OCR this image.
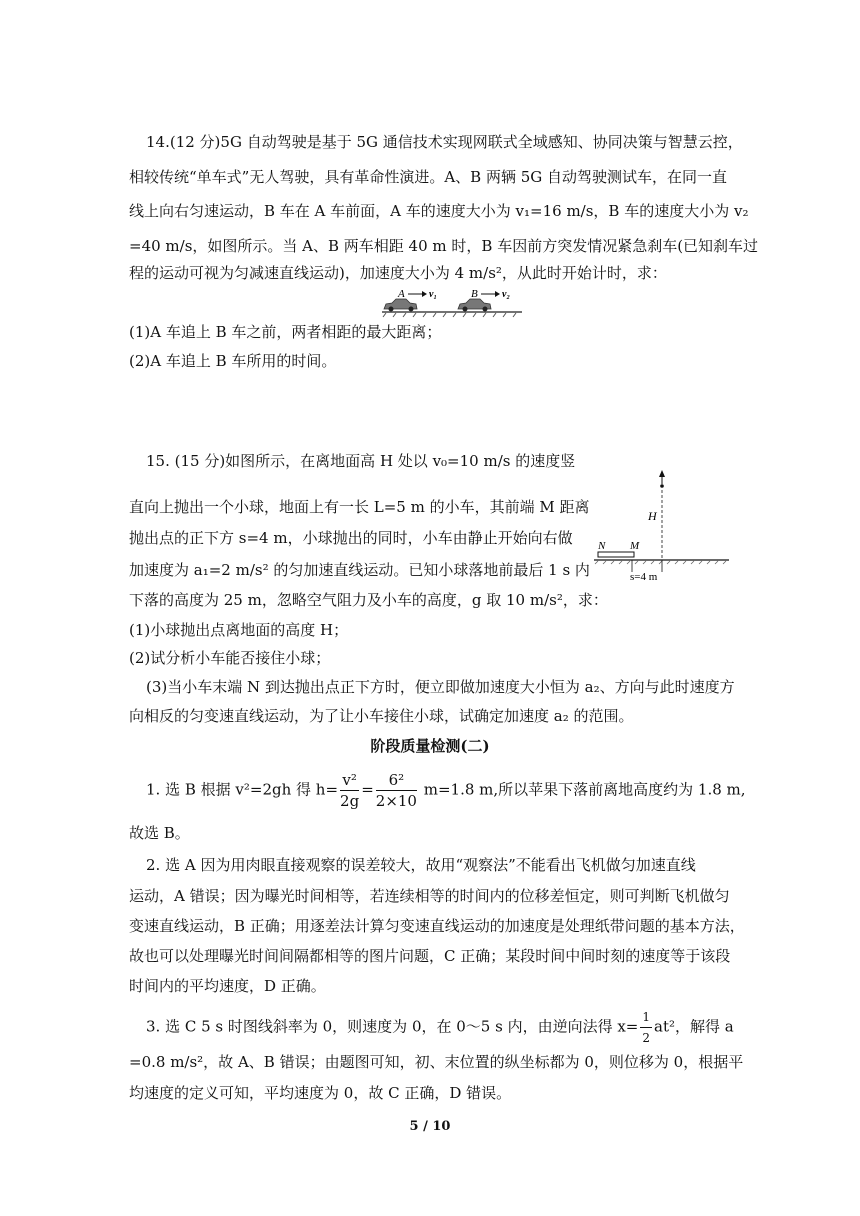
14.(12 分)5G 自动驾驶是基于 5G 通信技术实现网联式全域感知、协同决策与智慧云控，
相较传统“单车式”无人驾驶，具有革命性演进。A、B 两辆 5G 自动驾驶测试车，在同一直
线上向右匀速运动，B 车在 A 车前面，A 车的速度大小为 v₁=16 m/s，B 车的速度大小为 v₂
=40 m/s，如图所示。当 A、B 两车相距 40 m 时，B 车因前方突发情况紧急刹车(已知刹车过
程的运动可视为匀减速直线运动)，加速度大小为 4 m/s²，从此时开始计时，求：
A v₁	B v₂
(1)A 车追上 B 车之前，两者相距的最大距离；
(2)A 车追上 B 车所用的时间。
15. (15 分)如图所示，在离地面高 H 处以 v₀=10 m/s 的速度竖
直向上抛出一个小球，地面上有一长 L=5 m 的小车，其前端 M 距离
抛出点的正下方 s=4 m，小球抛出的同时，小车由静止开始向右做
加速度为 a₁=2 m/s² 的匀加速直线运动。已知小球落地前最后 1 s 内
下落的高度为 25 m，忽略空气阻力及小车的高度，g 取 10 m/s²，求：
H
N M
s=4 m
(1)小球抛出点离地面的高度 H；
(2)试分析小车能否接住小球；
(3)当小车末端 N 到达抛出点正下方时，便立即做加速度大小恒为 a₂、方向与此时速度方
向相反的匀变速直线运动，为了让小车接住小球，试确定加速度 a₂ 的范围。
阶段质量检测(二)
1. 选 B 根据 v²=2gh 得 $h= \frac{\text{v²}}{2g} = \frac{\text{6²}}{2\times 10} m=1.8$ m,所以苹果下落前离地高度约为 1.8 m,
故选 B。
2. 选 A 因为用肉眼直接观察的误差较大，故用“观察法”不能看出飞机做匀加速直线
运动，A 错误；因为曝光时间相等，若连续相等的时间内的位移差恒定，则可判断飞机做匀
变速直线运动，B 正确；用逐差法计算匀变速直线运动的加速度是处理纸带问题的基本方法，
故也可以处理曝光时间间隔都相等的图片问题，C 正确；某段时间中间时刻的速度等于该段
时间内的平均速度，D 正确。
3. 选 C 5 s 时图线斜率为 0，则速度为 0，在 0～5 s 内，由逆向法得 $x= \frac{1}{2} at^2$，解得 a
=0.8 m/s²，故 A、B 错误；由题图可知，初、末位置的纵坐标都为 0，则位移为 0，根据平
均速度的定义可知，平均速度为 0，故 C 正确，D 错误。
5 / 10
